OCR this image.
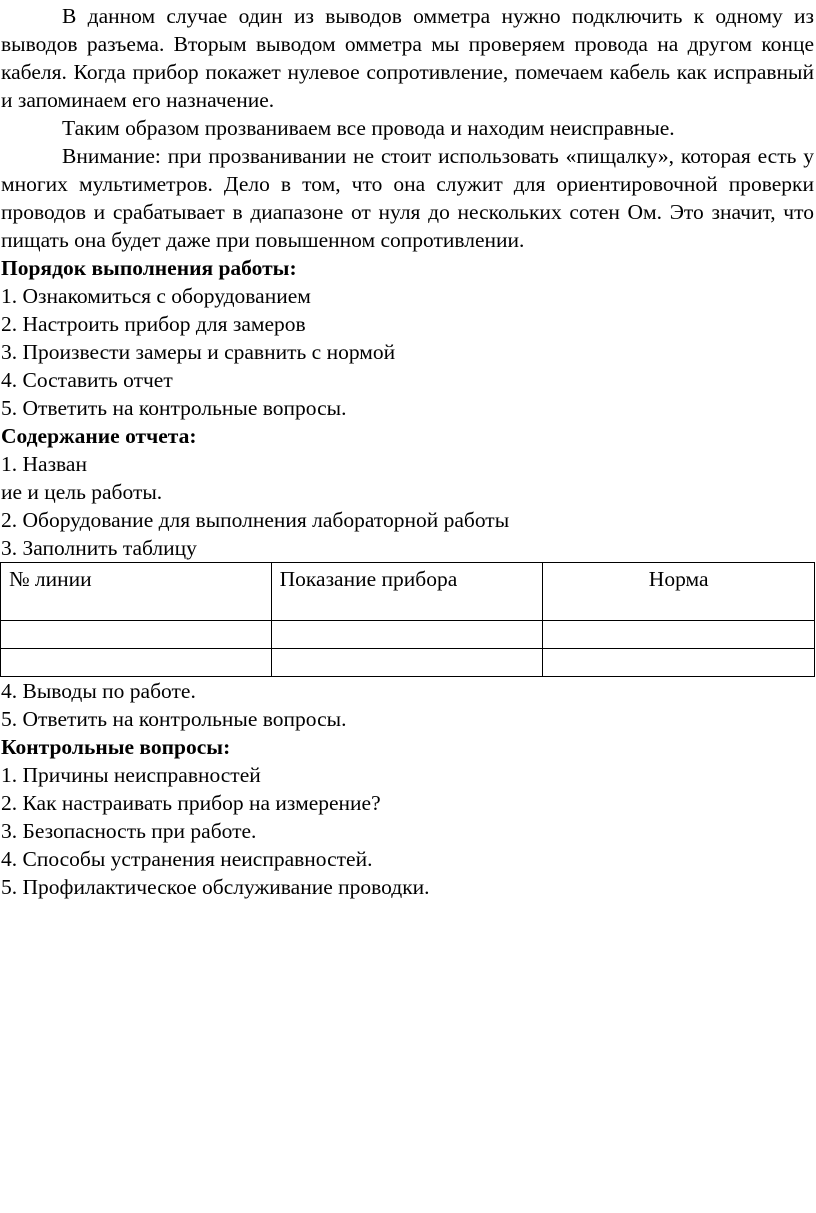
В данном случае один из выводов омметра нужно подключить к одному из выводов разъема. Вторым выводом омметра мы проверяем провода на другом конце кабеля. Когда прибор покажет нулевое сопротивление, помечаем кабель как исправный и запоминаем его назначение.

Таким образом прозваниваем все провода и находим неисправные.

Внимание: при прозванивании не стоит использовать «пищалку», которая есть у многих мультиметров. Дело в том, что она служит для ориентировочной проверки проводов и срабатывает в диапазоне от нуля до нескольких сотен Ом. Это значит, что пищать она будет даже при повышенном сопротивлении.

Порядок выполнения работы:

1. Ознакомиться с оборудованием

2. Настроить прибор для замеров

3. Произвести замеры и сравнить с нормой

4. Составить отчет

5. Ответить на контрольные вопросы.

Содержание отчета:

1. Назван

ие и цель работы.

2. Оборудование для выполнения лабораторной работы

3. Заполнить таблицу

№ линии	Показание прибора	Норма

4. Выводы по работе.

5. Ответить на контрольные вопросы.

Контрольные вопросы:

1. Причины неисправностей

2. Как настраивать прибор на измерение?

3. Безопасность при работе.

4. Способы устранения неисправностей.

5. Профилактическое обслуживание проводки.
